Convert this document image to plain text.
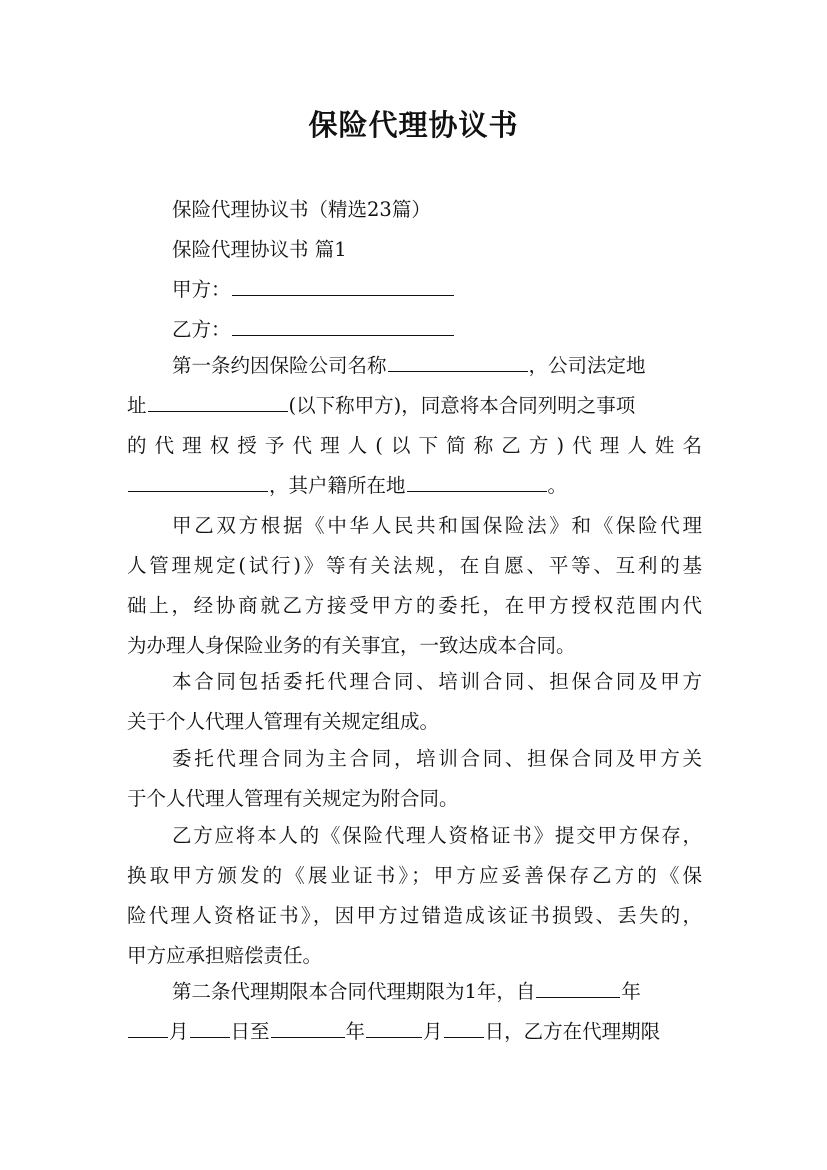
保险代理协议书
保险代理协议书（精选23篇）
保险代理协议书 篇1
甲方：
乙方：
第一条约因保险公司名称	，公司法定地
址	(以下称甲方)，同意将本合同列明之事项
的代理权授予代理人(以下简称乙方)代理人姓名
，其户籍所在地	。
甲乙双方根据《中华人民共和国保险法》和《保险代理
人管理规定(试行)》等有关法规，在自愿、平等、互利的基
础上，经协商就乙方接受甲方的委托，在甲方授权范围内代
为办理人身保险业务的有关事宜，一致达成本合同。
本合同包括委托代理合同、培训合同、担保合同及甲方
关于个人代理人管理有关规定组成。
委托代理合同为主合同，培训合同、担保合同及甲方关
于个人代理人管理有关规定为附合同。
乙方应将本人的《保险代理人资格证书》提交甲方保存，
换取甲方颁发的《展业证书》；甲方应妥善保存乙方的《保
险代理人资格证书》，因甲方过错造成该证书损毁、丢失的，
甲方应承担赔偿责任。
第二条代理期限本合同代理期限为1年，自	年
月 日至	年	月 日，乙方在代理期限
